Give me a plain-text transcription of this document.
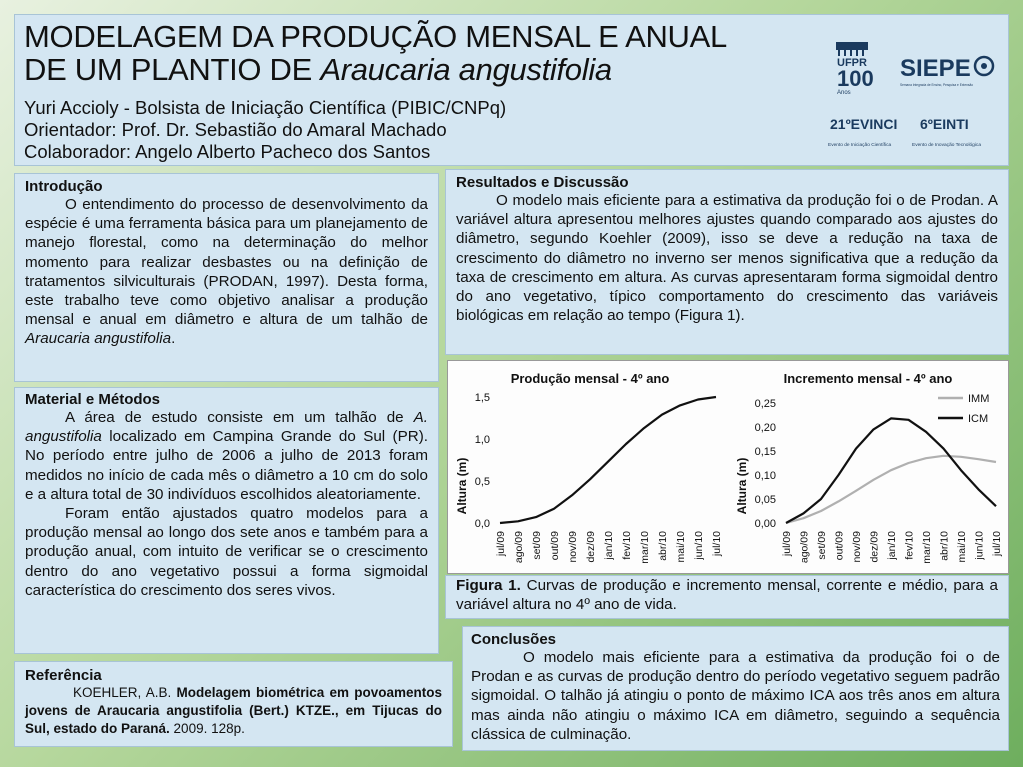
MODELAGEM DA PRODUÇÃO MENSAL E ANUAL
DE UM PLANTIO DE Araucaria angustifolia
Yuri Accioly - Bolsista de Iniciação Científica (PIBIC/CNPq)
Orientador: Prof. Dr. Sebastião do Amaral Machado
Colaborador: Angelo Alberto Pacheco dos Santos
UFPR
100
Anos
SIEPE
Semana Integrada de Ensino, Pesquisa e Extensão
21ºEVINCI 6ºEINTI
Evento de Iniciação Científica	Evento de Inovação Tecnológica
Introdução
O entendimento do processo de desenvolvimento da espécie é uma ferramenta básica para um planejamento de manejo florestal, como na determinação do melhor momento para realizar desbastes ou na definição de tratamentos silviculturais (PRODAN, 1997). Desta forma, este trabalho teve como objetivo analisar a produção mensal e anual em diâmetro e altura de um talhão de Araucaria angustifolia.
Material e Métodos
A área de estudo consiste em um talhão de A. angustifolia localizado em Campina Grande do Sul (PR). No período entre julho de 2006 a julho de 2013 foram medidos no início de cada mês o diâmetro a 10 cm do solo e a altura total de 30 indivíduos escolhidos aleatoriamente.
Foram então ajustados quatro modelos para a produção mensal ao longo dos sete anos e também para a produção anual, com intuito de verificar se o crescimento dentro do ano vegetativo possui a forma sigmoidal característica do crescimento dos seres vivos.
Referência
KOEHLER, A.B. Modelagem biométrica em povoamentos jovens de Araucaria angustifolia (Bert.) KTZE., em Tijucas do Sul, estado do Paraná. 2009. 128p.
Resultados e Discussão
O modelo mais eficiente para a estimativa da produção foi o de Prodan. A variável altura apresentou melhores ajustes quando comparado aos ajustes do diâmetro, segundo Koehler (2009), isso se deve a redução na taxa de crescimento do diâmetro no inverno ser menos significativa que a redução da taxa de crescimento em altura. As curvas apresentaram forma sigmoidal dentro do ano vegetativo, típico comportamento do crescimento das variáveis biológicas em relação ao tempo (Figura 1).
Produção mensal - 4º ano
Altura (m)
0,0
0,5
1,0
1,5
jul/09 ago/09 set/09 out/09 nov/09 dez/09 jan/10 fev/10 mar/10 abr/10 mai/10 jun/10 jul/10
Incremento mensal - 4º ano
Altura (m)
0,00
0,05
0,10
0,15
0,20
0,25
jul/09 ago/09 set/09 out/09 nov/09 dez/09 jan/10 fev/10 mar/10 abr/10 mai/10 jun/10 jul/10
IMM
ICM
Figura 1. Curvas de produção e incremento mensal, corrente e médio, para a variável altura no 4º ano de vida.
Conclusões
O modelo mais eficiente para a estimativa da produção foi o de Prodan e as curvas de produção dentro do período vegetativo seguem padrão sigmoidal. O talhão já atingiu o ponto de máximo ICA aos três anos em altura mas ainda não atingiu o máximo ICA em diâmetro, seguindo a sequência clássica de culminação.
